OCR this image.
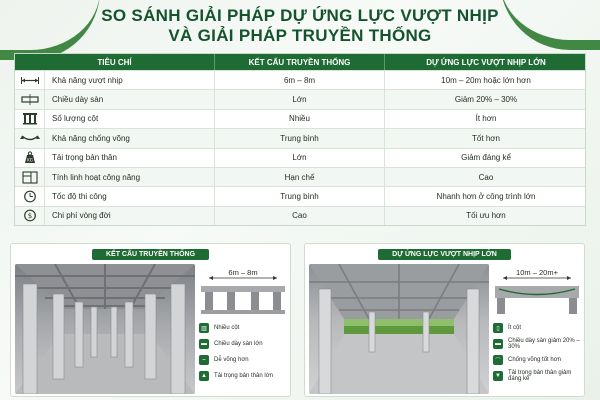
SO SÁNH GIẢI PHÁP DỰ ỨNG LỰC VƯỢT NHỊP
VÀ GIẢI PHÁP TRUYỀN THỐNG
TIÊU CHÍ	KẾT CẤU TRUYỀN THỐNG	DỰ ỨNG LỰC VƯỢT NHỊP LỚN
Khả năng vượt nhịp	6m – 8m	10m – 20m hoặc lớn hơn
Chiều dày sàn	Lớn	Giảm 20% – 30%
Số lượng cột	Nhiều	Ít hơn
Khả năng chống võng	Trung bình	Tốt hơn
KG	Tải trọng bản thân	Lớn	Giảm đáng kể
Tính linh hoạt công năng	Hạn chế	Cao
Tốc độ thi công	Trung bình	Nhanh hơn ở công trình lớn
$	Chi phí vòng đời	Cao	Tối ưu hơn
KẾT CẤU TRUYỀN THỐNG
6m – 8m
▥	Nhiều cột
▬	Chiều dày sàn lớn
⌣	Dễ võng hơn
▲	Tải trọng bản thân lớn
DỰ ỨNG LỰC VƯỢT NHỊP LỚN
10m – 20m+
▯	Ít cột
▬	Chiều dày sàn giảm 20% – 30%
⌒	Chống võng tốt hơn
▼	Tải trọng bản thân giảm đáng kể
